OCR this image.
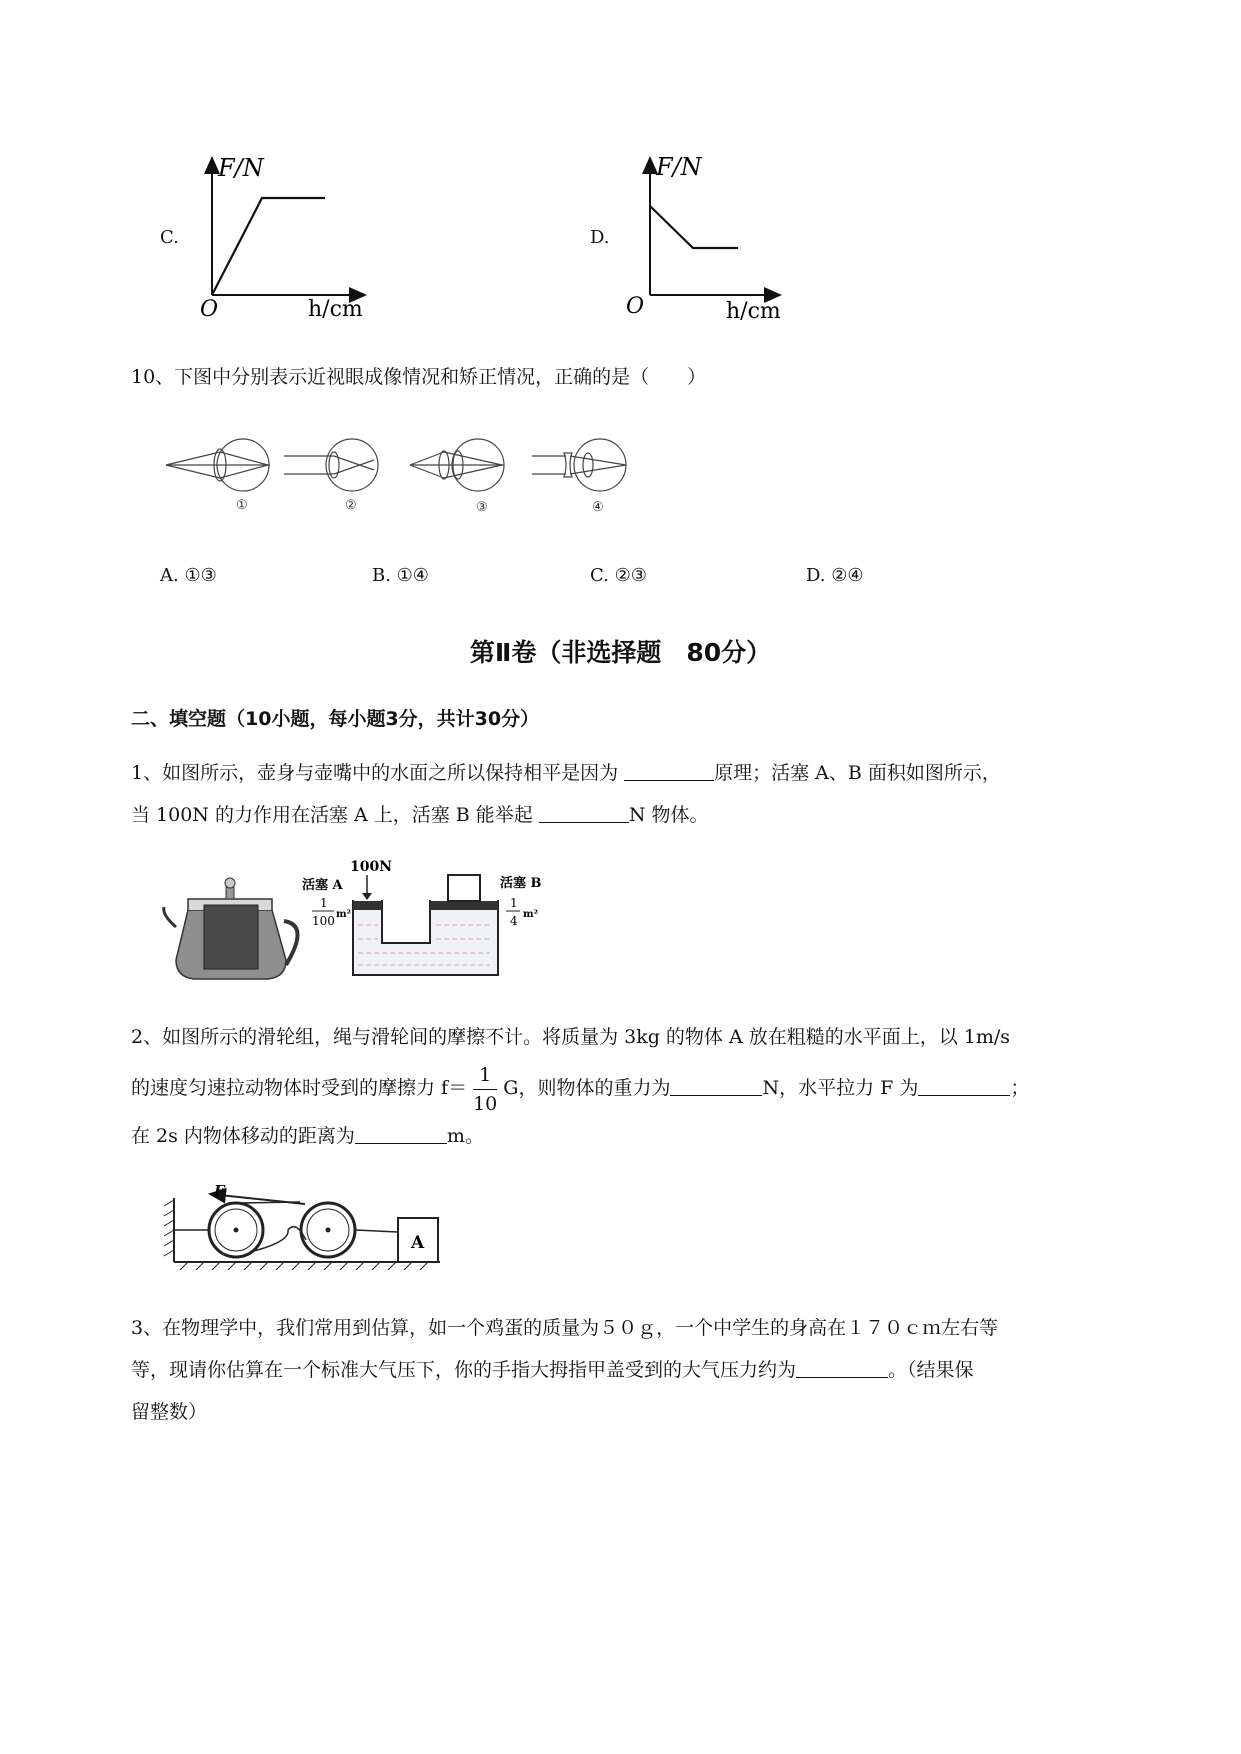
C.
F/N
O	h/cm
D.
F/N
O	h/cm
10、下图中分别表示近视眼成像情况和矫正情况，正确的是（　　）
①	②	③	④
A. ①③	B. ①④	C. ②③	D. ②④
第Ⅱ卷（非选择题　80分）
二、填空题（10小题，每小题3分，共计30分）
1、如图所示，壶身与壶嘴中的水面之所以保持相平是因为	原理；活塞 A、B 面积如图所示，
当 100N 的力作用在活塞 A 上，活塞 B 能举起	N 物体。
100N
活塞 A
1
100 m²
活塞 B
1
4 m²
2、如图所示的滑轮组，绳与滑轮间的摩擦不计。将质量为 3kg 的物体 A 放在粗糙的水平面上，以 1m/s
的速度匀速拉动物体时受到的摩擦力 $f= \frac{1}{10}$ G，则物体的重力为	N，水平拉力 F 为	；
在 2s 内物体移动的距离为	m。
A
F
3、在物理学中，我们常用到估算，如一个鸡蛋的质量为５０ｇ，一个中学生的身高在１７０ｃｍ左右等
等，现请你估算在一个标准大气压下，你的手指大拇指甲盖受到的大气压力约为	。（结果保
留整数）
